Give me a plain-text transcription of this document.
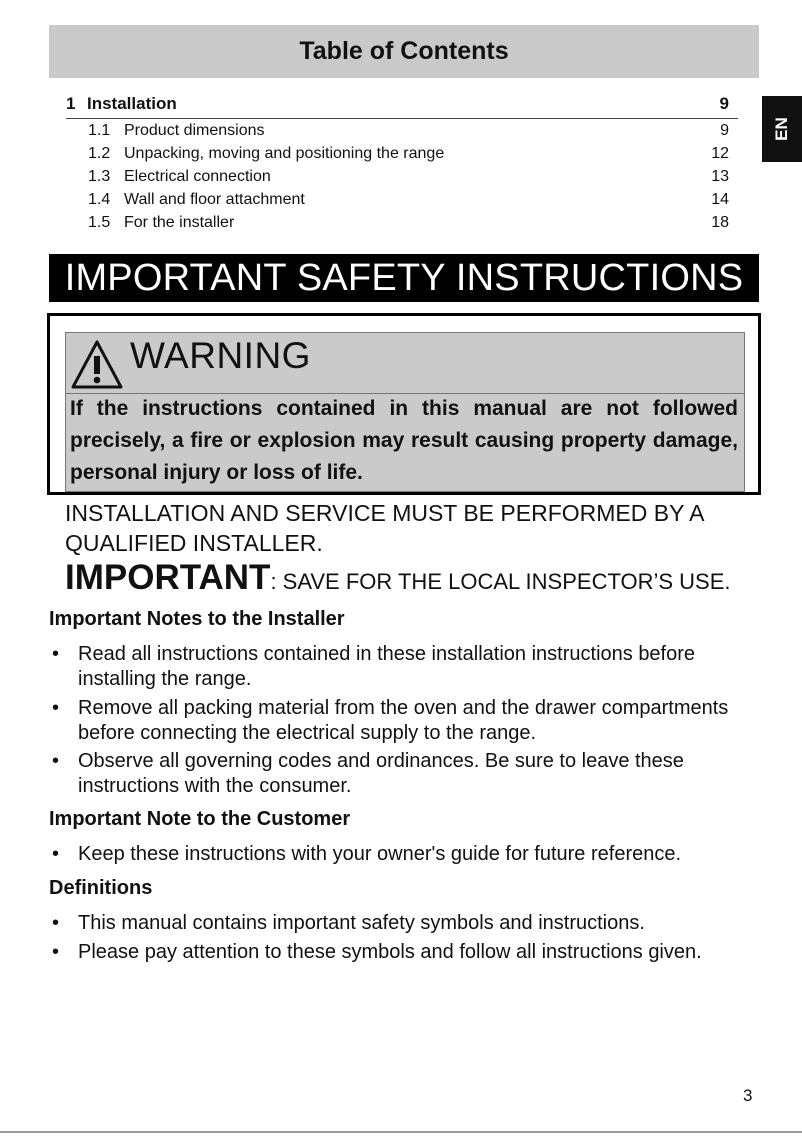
Table of Contents
1 Installation	9
1.1 Product dimensions	9
1.2 Unpacking, moving and positioning the range	12
1.3 Electrical connection	13
1.4 Wall and floor attachment	14
1.5 For the installer	18
EN
IMPORTANT SAFETY INSTRUCTIONS
WARNING
If the instructions contained in this manual are not followed precisely, a fire or explosion may result causing property damage, personal injury or loss of life.
INSTALLATION AND SERVICE MUST BE PERFORMED BY A QUALIFIED INSTALLER.
IMPORTANT: SAVE FOR THE LOCAL INSPECTOR’S USE.
Important Notes to the Installer
• Read all instructions contained in these installation instructions before installing the range.
• Remove all packing material from the oven and the drawer compartments before connecting the electrical supply to the range.
• Observe all governing codes and ordinances. Be sure to leave these instructions with the consumer.
Important Note to the Customer
• Keep these instructions with your owner's guide for future reference.
Definitions
• This manual contains important safety symbols and instructions.
• Please pay attention to these symbols and follow all instructions given.
3
